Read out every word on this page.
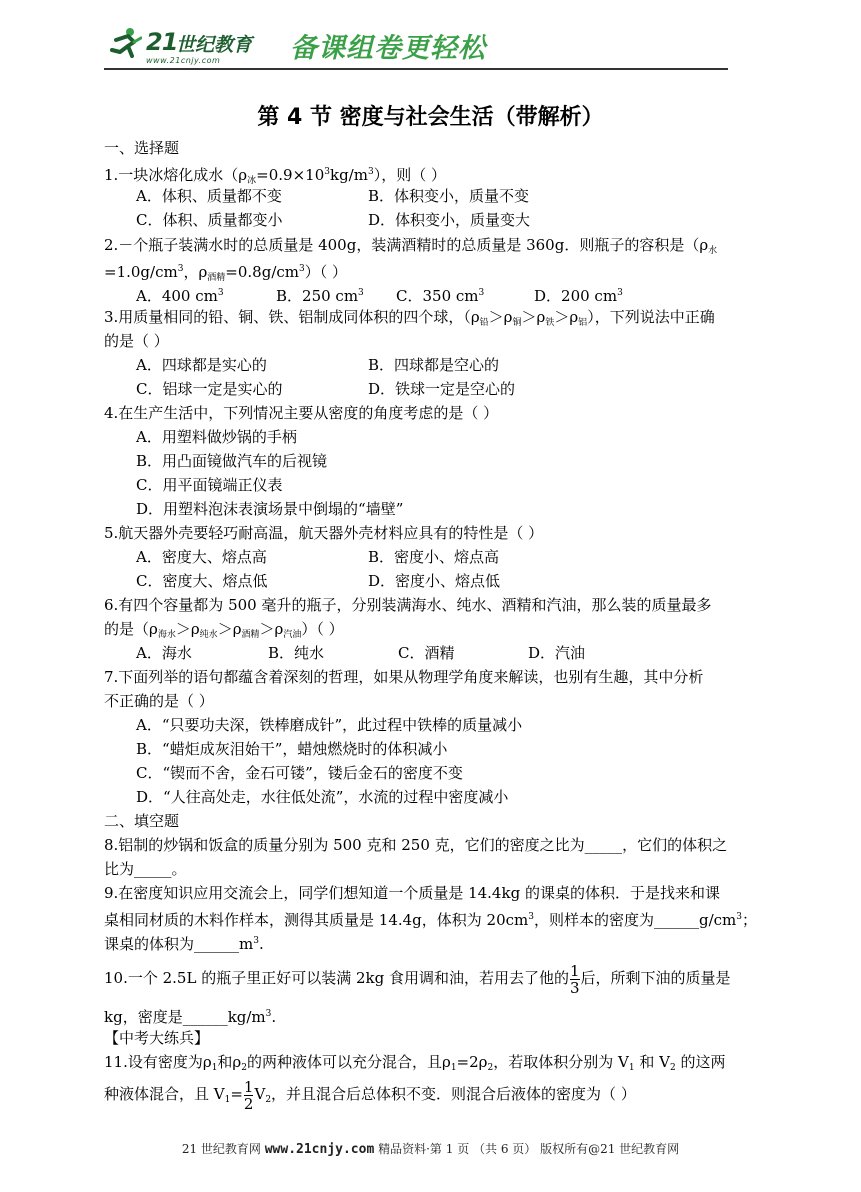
21
世纪教育
www.21cnjy.com	备课组卷更轻松
第 4 节 密度与社会生活（带解析）
一、选择题
1.一块冰熔化成水$(\rho_冰=0.9\times 10^3kg/m^3)$，则（ ）
A．体积、质量都不变	B．体积变小，质量不变
C．体积、质量都变小	D．体积变小，质量变大
2.－个瓶子装满水时的总质量是 400g，装满酒精时的总质量是 360g．则瓶子的容积是（$\rho_水$
$=1.0g/cm^3$，$\rho_{酒精}=0.8g/cm^3$）（ ）
A．400 $cm^3$	B．250 $cm^3$ C．350 $cm^3$	D．200 $cm^3$
3.用质量相同的铅、铜、铁、铝制成同体积的四个球，$(\rho_铅>\rho_铜>\rho_铁>\rho_铝)$，下列说法中正确
的是（ ）
A．四球都是实心的	B．四球都是空心的
C．铝球一定是实心的	D．铁球一定是空心的
4.在生产生活中，下列情况主要从密度的角度考虑的是（ ）
A．用塑料做炒锅的手柄
B．用凸面镜做汽车的后视镜
C．用平面镜端正仪表
D．用塑料泡沫表演场景中倒塌的“墙壁”
5.航天器外壳要轻巧耐高温，航天器外壳材料应具有的特性是（ ）
A．密度大、熔点高	B．密度小、熔点高
C．密度大、熔点低	D．密度小、熔点低
6.有四个容量都为 500 毫升的瓶子，分别装满海水、纯水、酒精和汽油，那么装的质量最多
的是$(\rho_{海水}>\rho_{纯水}>\rho_{酒精}>\rho_{汽油})$（ ）
A．海水	B．纯水	C．酒精	D．汽油
7.下面列举的语句都蕴含着深刻的哲理，如果从物理学角度来解读，也别有生趣，其中分析
不正确的是（ ）
A．“只要功夫深，铁棒磨成针”，此过程中铁棒的质量减小
B．“蜡炬成灰泪始干”，蜡烛燃烧时的体积减小
C．“锲而不舍，金石可镂”，镂后金石的密度不变
D．“人往高处走，水往低处流”，水流的过程中密度减小
二、填空题
8.铝制的炒锅和饭盒的质量分别为 500 克和 250 克，它们的密度之比为_____，它们的体积之
比为_____。
9.在密度知识应用交流会上，同学们想知道一个质量是 14.4kg 的课桌的体积．于是找来和课
桌相同材质的木料作样本，测得其质量是 14.4g，体积为 $20cm^3$，则样本的密度为$\_\_\_\_\_\_g/cm^3$；
课桌的体积为$\_\_\_\_\_\_m^3$.
10.一个 2.5L 的瓶子里正好可以装满 2kg 食用调和油，若用去了他的 $\frac{1}{3}$ 后，所剩下油的质量是
kg，密度是$\_\_\_\_\_\_kg/m^3$.
【中考大练兵】
11.设有密度为$\rho_1$和$\rho_2$的两种液体可以充分混合，且$\rho_1=2\rho_2$，若取体积分别为 $V_1$ 和 $V_2$ 的这两
种液体混合，且 $V_1= \frac{1}{2} V_2$，并且混合后总体积不变．则混合后液体的密度为（ ）
21 世纪教育网 www.21cnjy.com 精品资料·第 1 页 （共 6 页） 版权所有@21 世纪教育网
